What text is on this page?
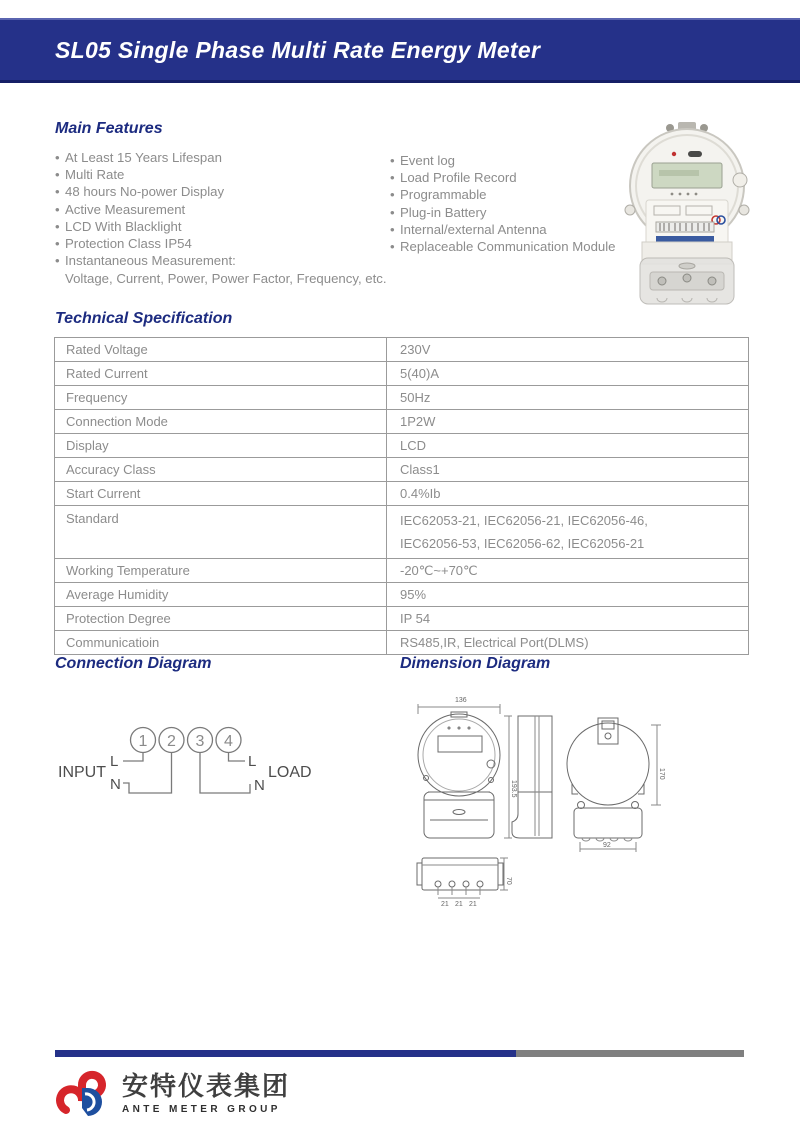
SL05 Single Phase Multi Rate Energy Meter
Main Features
• At Least 15 Years Lifespan
• Multi Rate
• 48 hours No-power Display
• Active Measurement
• LCD With Blacklight
• Protection Class IP54
• Instantaneous Measurement:
Voltage, Current, Power, Power Factor, Frequency, etc.
• Event log
• Load Profile Record
• Programmable
• Plug-in Battery
• Internal/external Antenna
• Replaceable Communication Module
Technical Specification
Rated Voltage	230V
Rated Current	5(40)A
Frequency	50Hz
Connection Mode	1P2W
Display	LCD
Accuracy Class	Class1
Start Current	0.4%Ib
Standard	IEC62053-21, IEC62056-21, IEC62056-46,
IEC62056-53, IEC62056-62, IEC62056-21

Working Temperature	-20℃~+70℃
Average Humidity	95%
Protection Degree	IP 54
Communicatioin	RS485,IR, Electrical Port(DLMS)
Connection Diagram	Dimension Diagram
1 2 3 4
INPUT
L
N
L
N
LOAD
136
193.5
170
92
70
21 21 21
安特仪表集团
ANTE METER GROUP
